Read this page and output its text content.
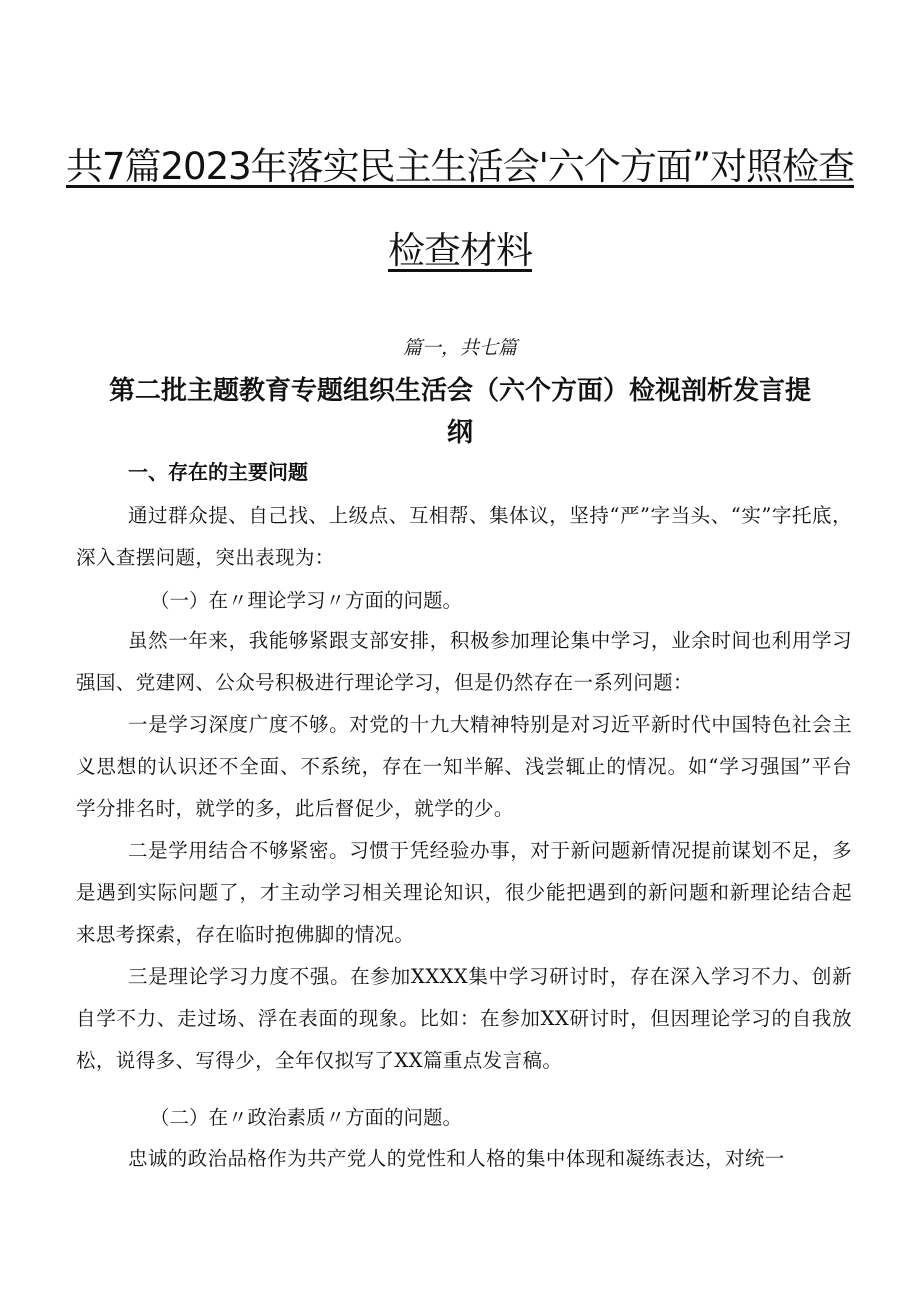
共7篇2023年落实民主生活会'六个方面”对照检查
检查材料
篇一，共七篇
第二批主题教育专题组织生活会（六个方面）检视剖析发言提
纲
一、存在的主要问题

通过群众提、自己找、上级点、互相帮、集体议，坚持“严”字当头、“实”字托底，深入查摆问题，突出表现为：

（一）在〃理论学习〃方面的问题。

虽然一年来，我能够紧跟支部安排，积极参加理论集中学习，业余时间也利用学习强国、党建网、公众号积极进行理论学习，但是仍然存在一系列问题：

一是学习深度广度不够。对党的十九大精神特别是对习近平新时代中国特色社会主义思想的认识还不全面、不系统，存在一知半解、浅尝辄止的情况。如“学习强国”平台学分排名时，就学的多，此后督促少，就学的少。

二是学用结合不够紧密。习惯于凭经验办事，对于新问题新情况提前谋划不足，多是遇到实际问题了，才主动学习相关理论知识，很少能把遇到的新问题和新理论结合起来思考探索，存在临时抱佛脚的情况。

三是理论学习力度不强。在参加XXXX集中学习研讨时，存在深入学习不力、创新自学不力、走过场、浮在表面的现象。比如：在参加XX研讨时，但因理论学习的自我放松，说得多、写得少，全年仅拟写了XX篇重点发言稿。

（二）在〃政治素质〃方面的问题。

忠诚的政治品格作为共产党人的党性和人格的集中体现和凝练表达，对统一
